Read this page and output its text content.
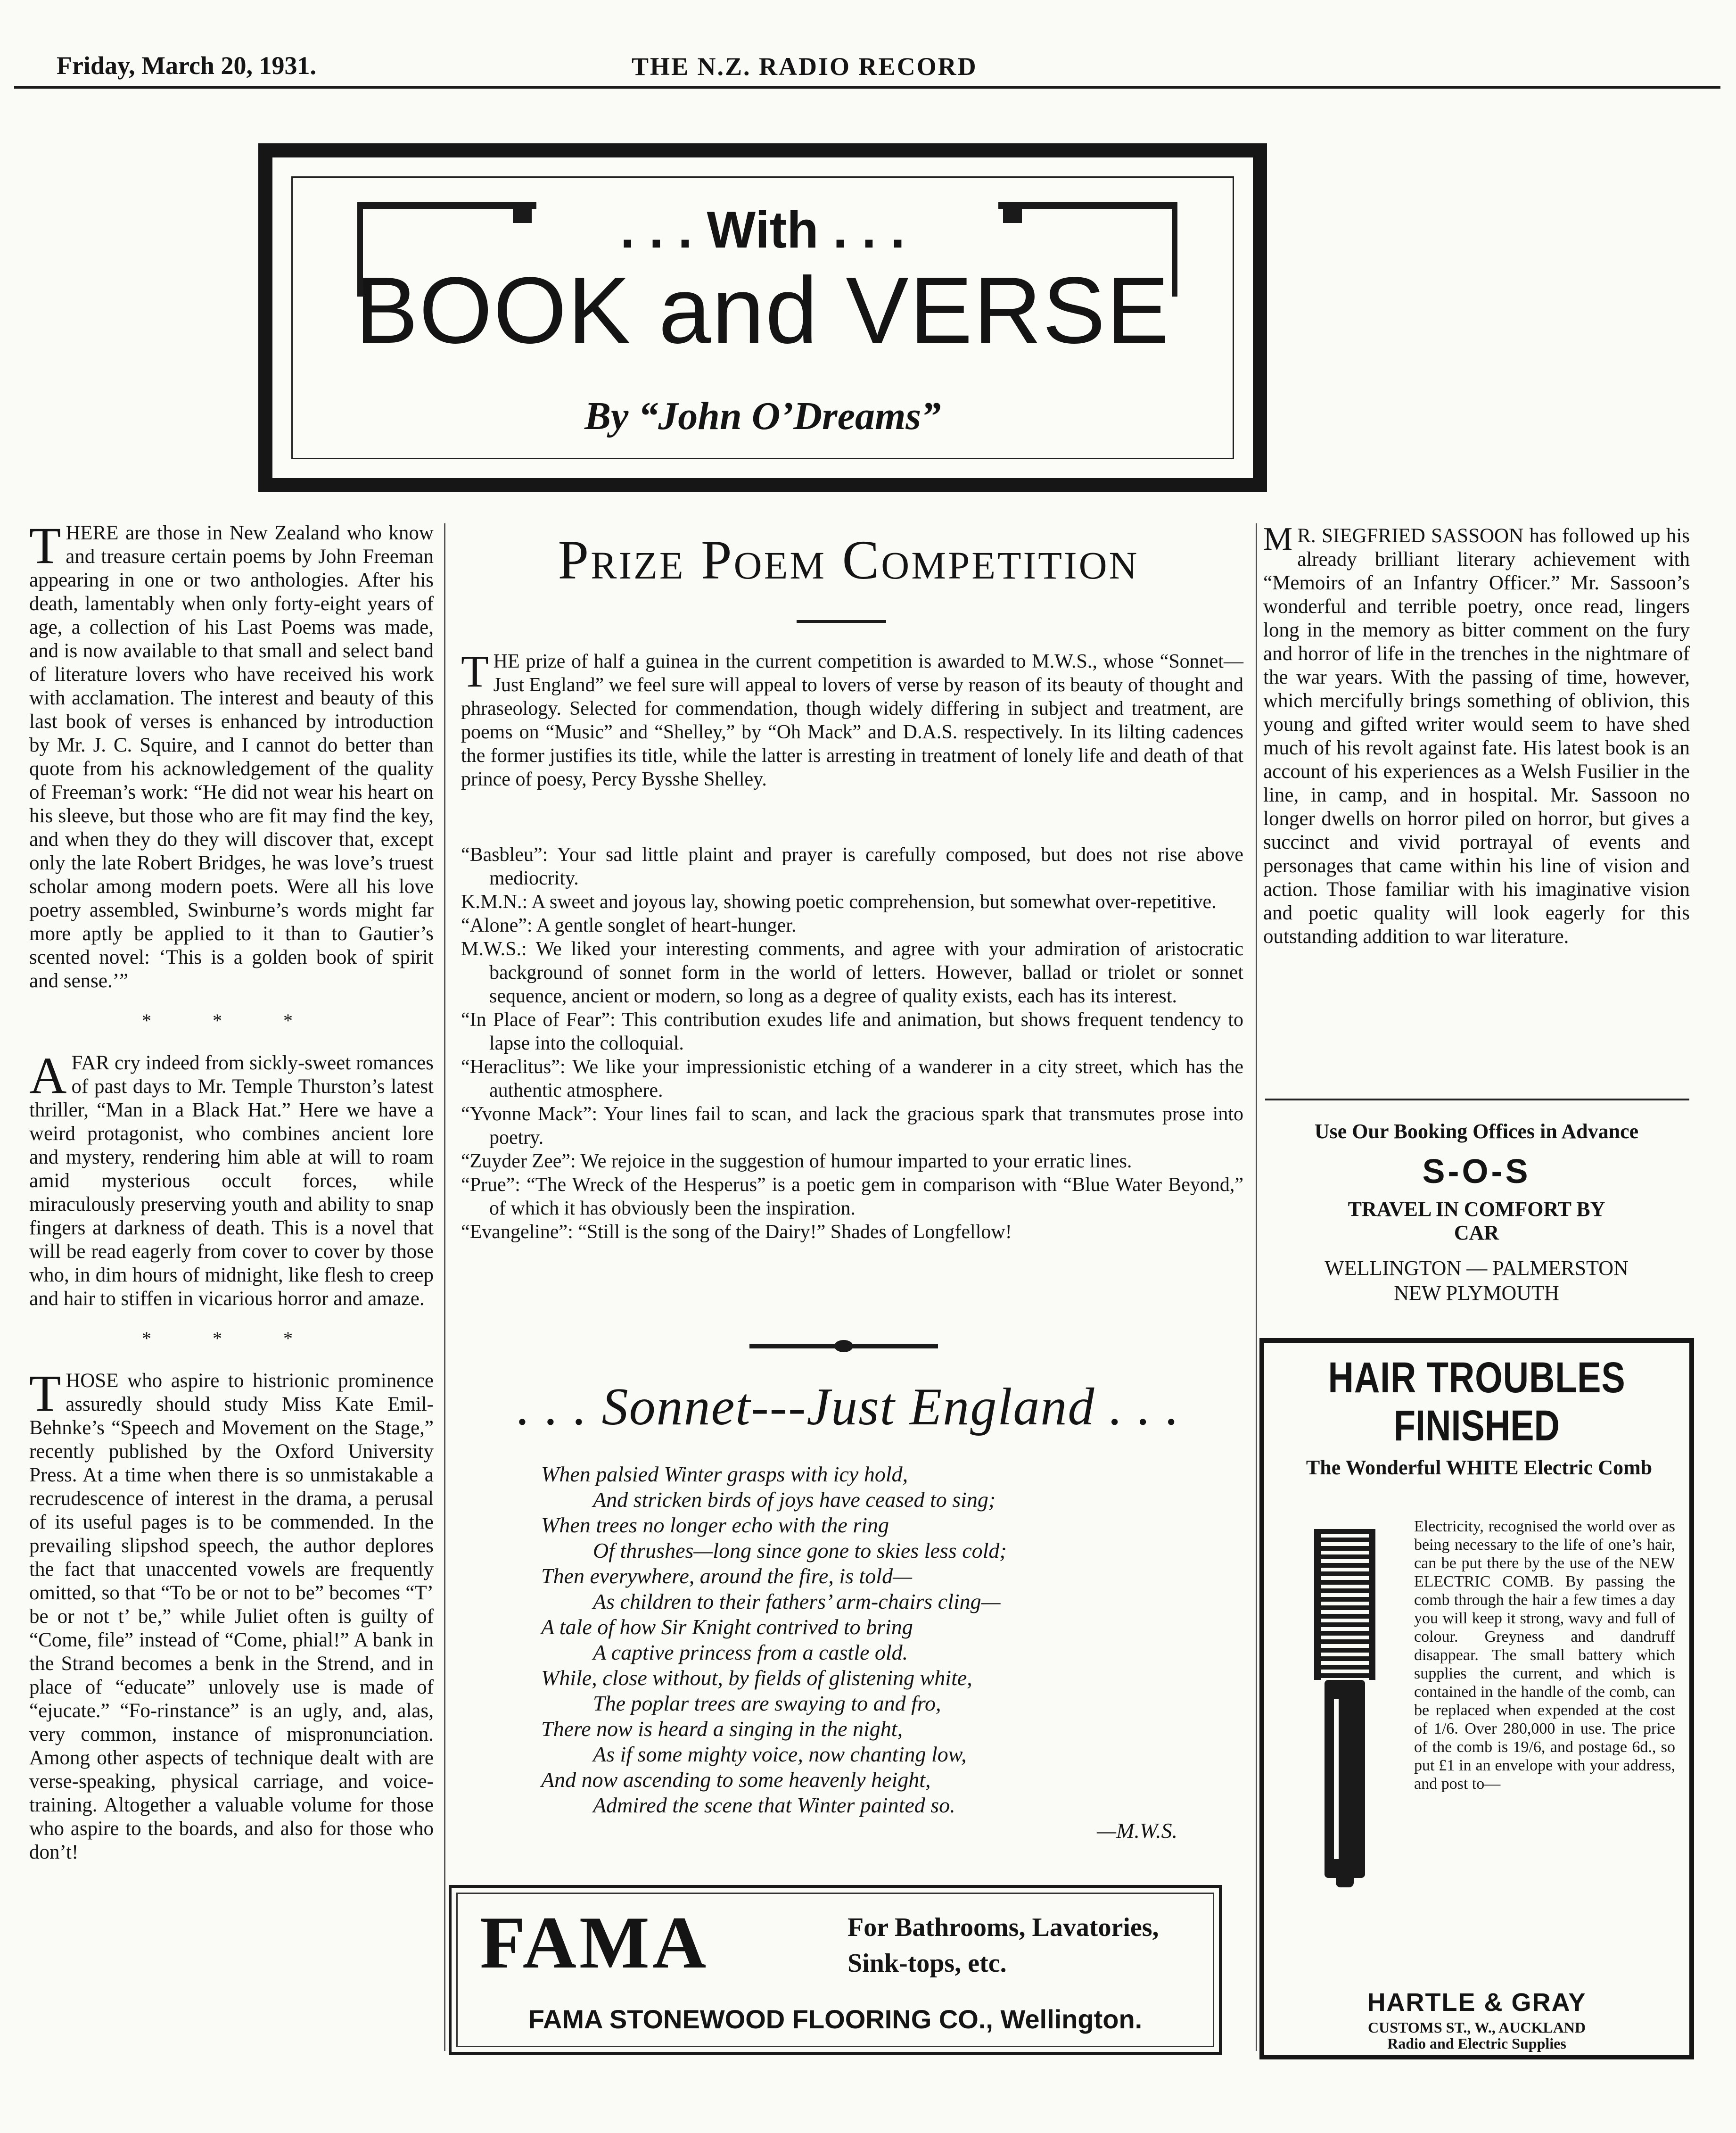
Friday, March 20, 1931.	THE N.Z. RADIO RECORD
. . . With . . .
BOOK and VERSE
By “John O’Dreams”

THERE are those in New Zealand who know and treasure certain poems by John Freeman appearing in one or two anthologies. After his death, lamentably when only forty-eight years of age, a collection of his Last Poems was made, and is now available to that small and select band of literature lovers who have received his work with acclamation. The interest and beauty of this last book of verses is enhanced by introduction by Mr. J. C. Squire, and I cannot do better than quote from his acknowledgement of the quality of Freeman’s work: “He did not wear his heart on his sleeve, but those who are fit may find the key, and when they do they will discover that, except only the late Robert Bridges, he was love’s truest scholar among modern poets. Were all his love poetry assembled, Swinburne’s words might far more aptly be applied to it than to Gautier’s scented novel: ‘This is a golden book of spirit and sense.’”

* * *

AFAR cry indeed from sickly-sweet romances of past days to Mr. Temple Thurston’s latest thriller, “Man in a Black Hat.” Here we have a weird protagonist, who combines ancient lore and mystery, rendering him able at will to roam amid mysterious occult forces, while miraculously preserving youth and ability to snap fingers at darkness of death. This is a novel that will be read eagerly from cover to cover by those who, in dim hours of midnight, like flesh to creep and hair to stiffen in vicarious horror and amaze.

* * *

THOSE who aspire to histrionic prominence assuredly should study Miss Kate Emil-Behnke’s “Speech and Movement on the Stage,” recently published by the Oxford University Press. At a time when there is so unmistakable a recrudescence of interest in the drama, a perusal of its useful pages is to be commended. In the prevailing slipshod speech, the author deplores the fact that unaccented vowels are frequently omitted, so that “To be or not to be” becomes “T’ be or not t’ be,” while Juliet often is guilty of “Come, file” instead of “Come, phial!” A bank in the Strand becomes a benk in the Strend, and in place of “educate” unlovely use is made of “ejucate.” “Fo-rinstance” is an ugly, and, alas, very common, instance of mispronunciation. Among other aspects of technique dealt with are verse-speaking, physical carriage, and voice-training. Altogether a valuable volume for those who aspire to the boards, and also for those who don’t!

Prize Poem Competition

THE prize of half a guinea in the current competition is awarded to M.W.S., whose “Sonnet—Just England” we feel sure will appeal to lovers of verse by reason of its beauty of thought and phraseology. Selected for commendation, though widely differing in subject and treatment, are poems on “Music” and “Shelley,” by “Oh Mack” and D.A.S. respectively. In its lilting cadences the former justifies its title, while the latter is arresting in treatment of lonely life and death of that prince of poesy, Percy Bysshe Shelley.

“Basbleu”: Your sad little plaint and prayer is carefully composed, but does not rise above mediocrity.

K.M.N.: A sweet and joyous lay, showing poetic comprehension, but somewhat over-repetitive.

“Alone”: A gentle songlet of heart-hunger.

M.W.S.: We liked your interesting comments, and agree with your admiration of aristocratic background of sonnet form in the world of letters. However, ballad or triolet or sonnet sequence, ancient or modern, so long as a degree of quality exists, each has its interest.

“In Place of Fear”: This contribution exudes life and animation, but shows frequent tendency to lapse into the colloquial.

“Heraclitus”: We like your impressionistic etching of a wanderer in a city street, which has the authentic atmosphere.

“Yvonne Mack”: Your lines fail to scan, and lack the gracious spark that transmutes prose into poetry.

“Zuyder Zee”: We rejoice in the suggestion of humour imparted to your erratic lines.

“Prue”: “The Wreck of the Hesperus” is a poetic gem in comparison with “Blue Water Beyond,” of which it has obviously been the inspiration.

“Evangeline”: “Still is the song of the Dairy!” Shades of Longfellow!

. . . Sonnet---Just England . . .
When palsied Winter grasps with icy hold,
And stricken birds of joys have ceased to sing;
When trees no longer echo with the ring
Of thrushes—long since gone to skies less cold;
Then everywhere, around the fire, is told—
As children to their fathers’ arm-chairs cling—
A tale of how Sir Knight contrived to bring
A captive princess from a castle old.
While, close without, by fields of glistening white,
The poplar trees are swaying to and fro,
There now is heard a singing in the night,
As if some mighty voice, now chanting low,
And now ascending to some heavenly height,
Admired the scene that Winter painted so.
—M.W.S.
FAMA	For Bathrooms, Lavatories,
Sink-tops, etc.
FAMA STONEWOOD FLOORING CO., Wellington.

M R. SIEGFRIED SASSOON has followed up his already brilliant literary achievement with “Memoirs of an Infantry Officer.” Mr. Sassoon’s wonderful and terrible poetry, once read, lingers long in the memory as bitter comment on the fury and horror of life in the trenches in the nightmare of the war years. With the passing of time, however, which mercifully brings something of oblivion, this young and gifted writer would seem to have shed much of his revolt against fate. His latest book is an account of his experiences as a Welsh Fusilier in the line, in camp, and in hospital. Mr. Sassoon no longer dwells on horror piled on horror, but gives a succinct and vivid portrayal of events and personages that came within his line of vision and action. Those familiar with his imaginative vision and poetic quality will look eagerly for this outstanding addition to war literature.

Use Our Booking Offices in Advance
S-O-S
TRAVEL IN COMFORT BY
CAR
WELLINGTON — PALMERSTON
NEW PLYMOUTH
HAIR TROUBLES
FINISHED
The Wonderful WHITE Electric Comb
Electricity, recognised the world over as being necessary to the life of one’s hair, can be put there by the use of the NEW ELECTRIC COMB. By passing the comb through the hair a few times a day you will keep it strong, wavy and full of colour. Greyness and dandruff disappear. The small battery which supplies the current, and which is contained in the handle of the comb, can be replaced when expended at the cost of 1/6. Over 280,000 in use. The price of the comb is 19/6, and postage 6d., so put £1 in an envelope with your address, and post to—
HARTLE & GRAY
CUSTOMS ST., W., AUCKLAND
Radio and Electric Supplies
